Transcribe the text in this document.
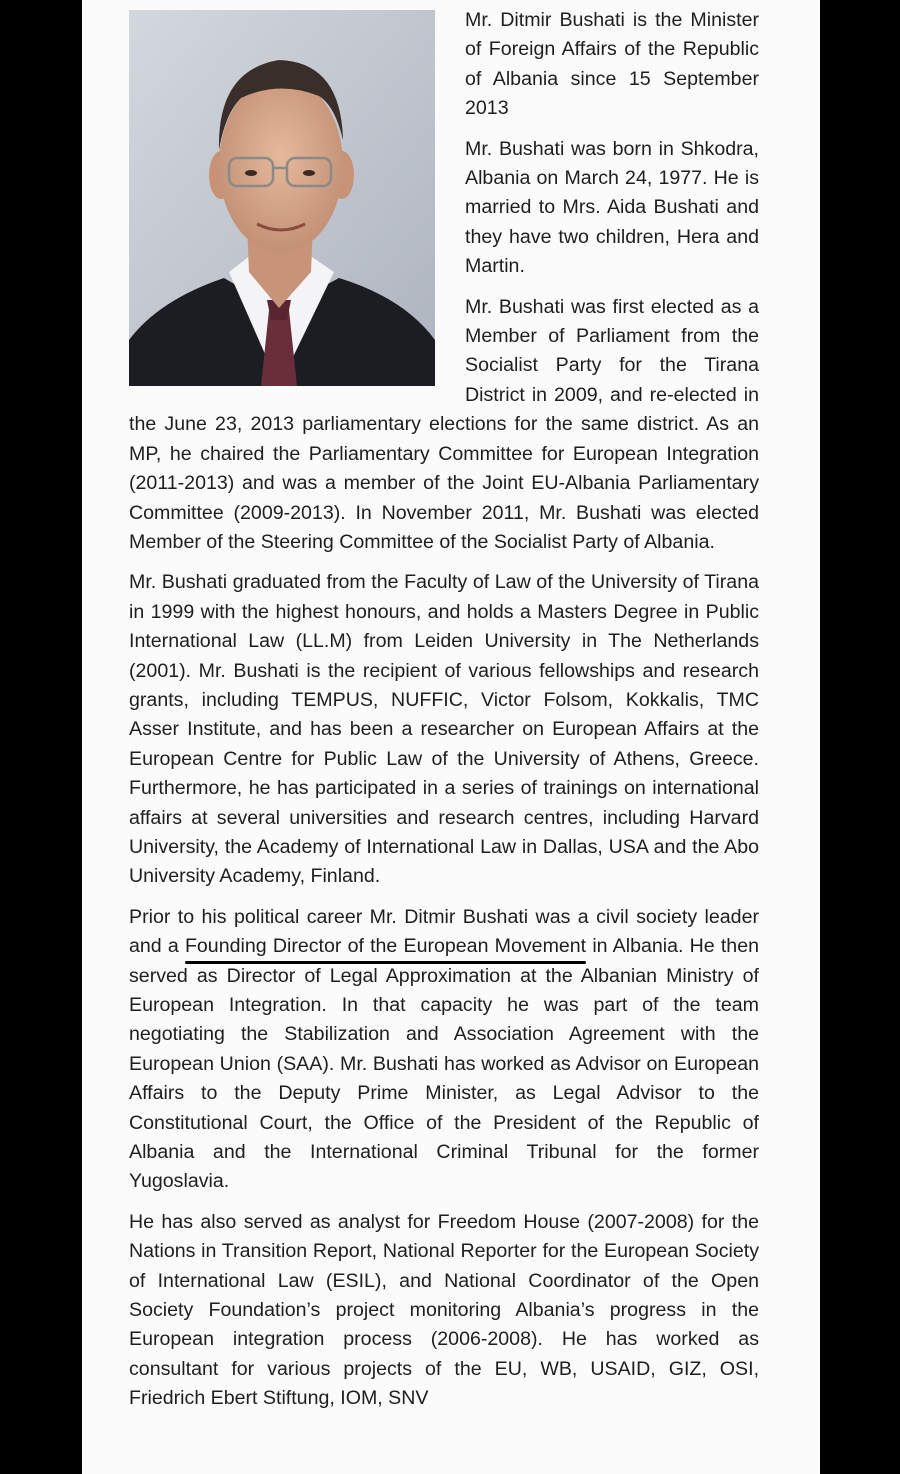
Mr. Ditmir Bushati is the Minister of Foreign Affairs of the Republic of Albania since 15 September 2013

Mr. Bushati was born in Shkodra, Albania on March 24, 1977. He is married to Mrs. Aida Bushati and they have two children, Hera and Martin.

Mr. Bushati was first elected as a Member of Parliament from the Socialist Party for the Tirana District in 2009, and re-elected in the June 23, 2013 parliamentary elections for the same district. As an MP, he chaired the Parliamentary Committee for European Integration (2011-2013) and was a member of the Joint EU-Albania Parliamentary Committee (2009-2013). In November 2011, Mr. Bushati was elected Member of the Steering Committee of the Socialist Party of Albania.

Mr. Bushati graduated from the Faculty of Law of the University of Tirana in 1999 with the highest honours, and holds a Masters Degree in Public International Law (LL.M) from Leiden University in The Netherlands (2001). Mr. Bushati is the recipient of various fellowships and research grants, including TEMPUS, NUFFIC, Victor Folsom, Kokkalis, TMC Asser Institute, and has been a researcher on European Affairs at the European Centre for Public Law of the University of Athens, Greece. Furthermore, he has participated in a series of trainings on international affairs at several universities and research centres, including Harvard University, the Academy of International Law in Dallas, USA and the Abo University Academy, Finland.

Prior to his political career Mr. Ditmir Bushati was a civil society leader and a Founding Director of the European Movement
in Albania. He then served as Director of Legal Approximation at the Albanian Ministry of European Integration. In that capacity he was part of the team negotiating the Stabilization and Association Agreement with the European Union (SAA). Mr. Bushati has worked as Advisor on European Affairs to the Deputy Prime Minister, as Legal Advisor to the Constitutional Court, the Office of the President of the Republic of Albania and the International Criminal Tribunal for the former Yugoslavia.

He has also served as analyst for Freedom House (2007-2008) for the Nations in Transition Report, National Reporter for the European Society of International Law (ESIL), and National Coordinator of the Open Society Foundation’s project monitoring Albania’s progress in the European integration process (2006-2008). He has worked as consultant for vario
us projects of the EU, WB, USAID, GIZ, OSI, Friedrich Ebert Stiftung, IOM, SNV
